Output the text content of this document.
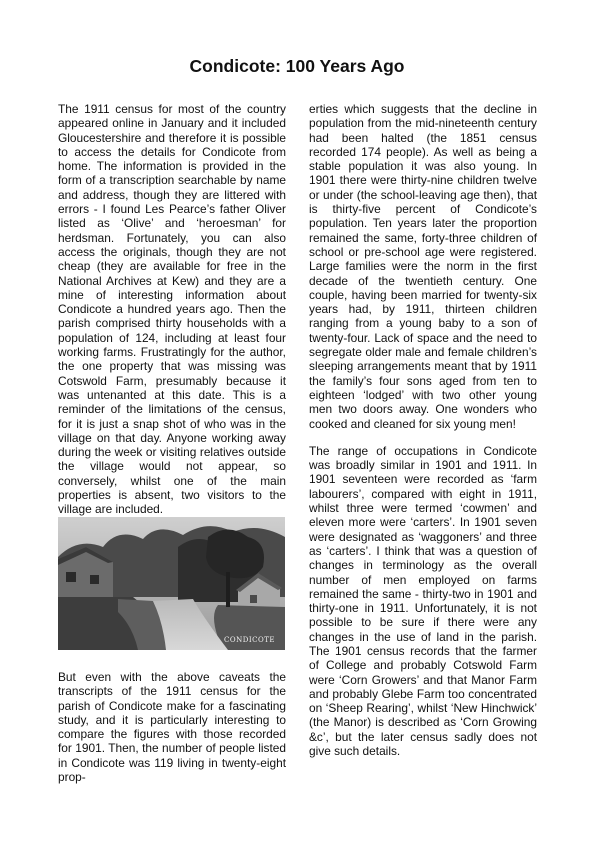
Condicote: 100 Years Ago

The 1911 census for most of the country appeared online in January and it included Gloucestershire and therefore it is possible to access the details for Condicote from home. The information is provided in the form of a transcription searchable by name and address, though they are littered with errors - I found Les Pearce’s father Oliver listed as ‘Olive’ and ‘heroesman’ for herdsman. Fortunately, you can also access the originals, though they are not cheap (they are available for free in the National Archives at Kew) and they are a mine of interesting information about Condicote a hundred years ago. Then the parish comprised thirty households with a population of 124, including at least four working farms. Frustratingly for the author, the one property that was missing was Cotswold Farm, presumably because it was untenanted at this date. This is a reminder of the limitations of the census, for it is just a snap shot of who was in the village on that day. Anyone working away during the week or visiting relatives outside the village would not appear, so conversely, whilst one of the main properties is absent, two visitors to the village are included.

CONDICOTE

But even with the above caveats the transcripts of the 1911 census for the parish of Condicote make for a fascinating study, and it is particularly interesting to compare the figures with those recorded for 1901. Then, the number of people listed in Condicote was 119 living in twenty-eight prop-

erties which suggests that the decline in population from the mid-nineteenth century had been halted (the 1851 census recorded 174 people). As well as being a stable population it was also young. In 1901 there were thirty-nine children twelve or under (the school-leaving age then), that is thirty-five percent of Condicote’s population. Ten years later the proportion remained the same, forty-three children of school or pre-school age were registered. Large families were the norm in the first decade of the twentieth century. One couple, having been married for twenty-six years had, by 1911, thirteen children ranging from a young baby to a son of twenty-four. Lack of space and the need to segregate older male and female children’s sleeping arrangements meant that by 1911 the family’s four sons aged from ten to eighteen ‘lodged’ with two other young men two doors away. One wonders who cooked and cleaned for six young men!

The range of occupations in Condicote was broadly similar in 1901 and 1911. In 1901 seventeen were recorded as ‘farm labourers’, compared with eight in 1911, whilst three were termed ‘cowmen’ and eleven more were ‘carters’. In 1901 seven were designated as ‘waggoners’ and three as ‘carters’. I think that was a question of changes in terminology as the overall number of men employed on farms remained the same - thirty-two in 1901 and thirty-one in 1911. Unfortunately, it is not possible to be sure if there were any changes in the use of land in the parish. The 1901 census records that the farmer of College and probably Cotswold Farm were ‘Corn Growers’ and that Manor Farm and probably Glebe Farm too concentrated on ‘Sheep Rearing’, whilst ‘New Hinchwick’ (the Manor) is described as ‘Corn Growing &c’, but the later census sadly does not give such details.
